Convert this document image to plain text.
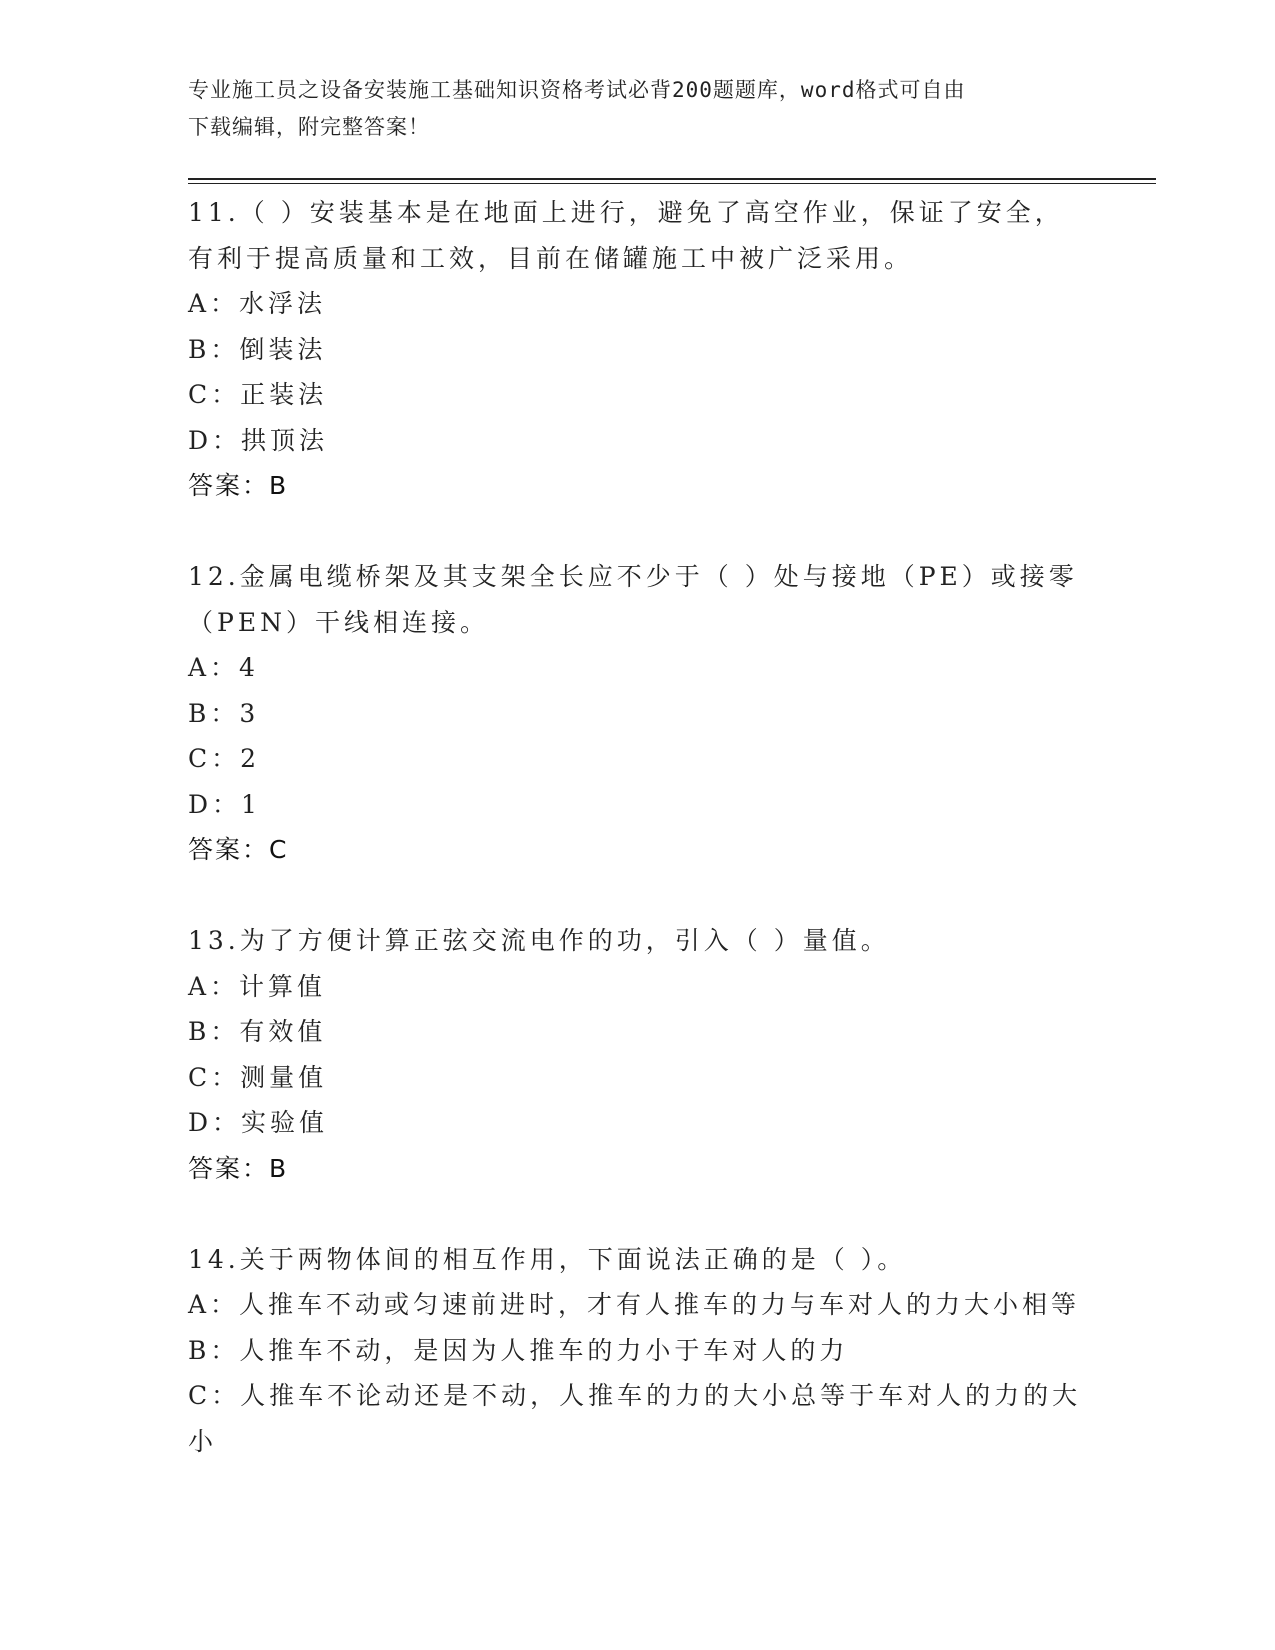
专业施工员之设备安装施工基础知识资格考试必背200题题库，word格式可自由
下载编辑，附完整答案！

11.（ ）安装基本是在地面上进行，避免了高空作业，保证了安全，

有利于提高质量和工效，目前在储罐施工中被广泛采用。

A：水浮法

B：倒装法

C：正装法

D：拱顶法

答案：B

12.金属电缆桥架及其支架全长应不少于（ ）处与接地（PE）或接零

（PEN）干线相连接。

A：4

B：3

C：2

D：1

答案：C

13.为了方便计算正弦交流电作的功，引入（ ）量值。

A：计算值

B：有效值

C：测量值

D：实验值

答案：B

14.关于两物体间的相互作用，下面说法正确的是（ ）。

A：人推车不动或匀速前进时，才有人推车的力与车对人的力大小相等

B：人推车不动，是因为人推车的力小于车对人的力

C：人推车不论动还是不动，人推车的力的大小总等于车对人的力的大

小
